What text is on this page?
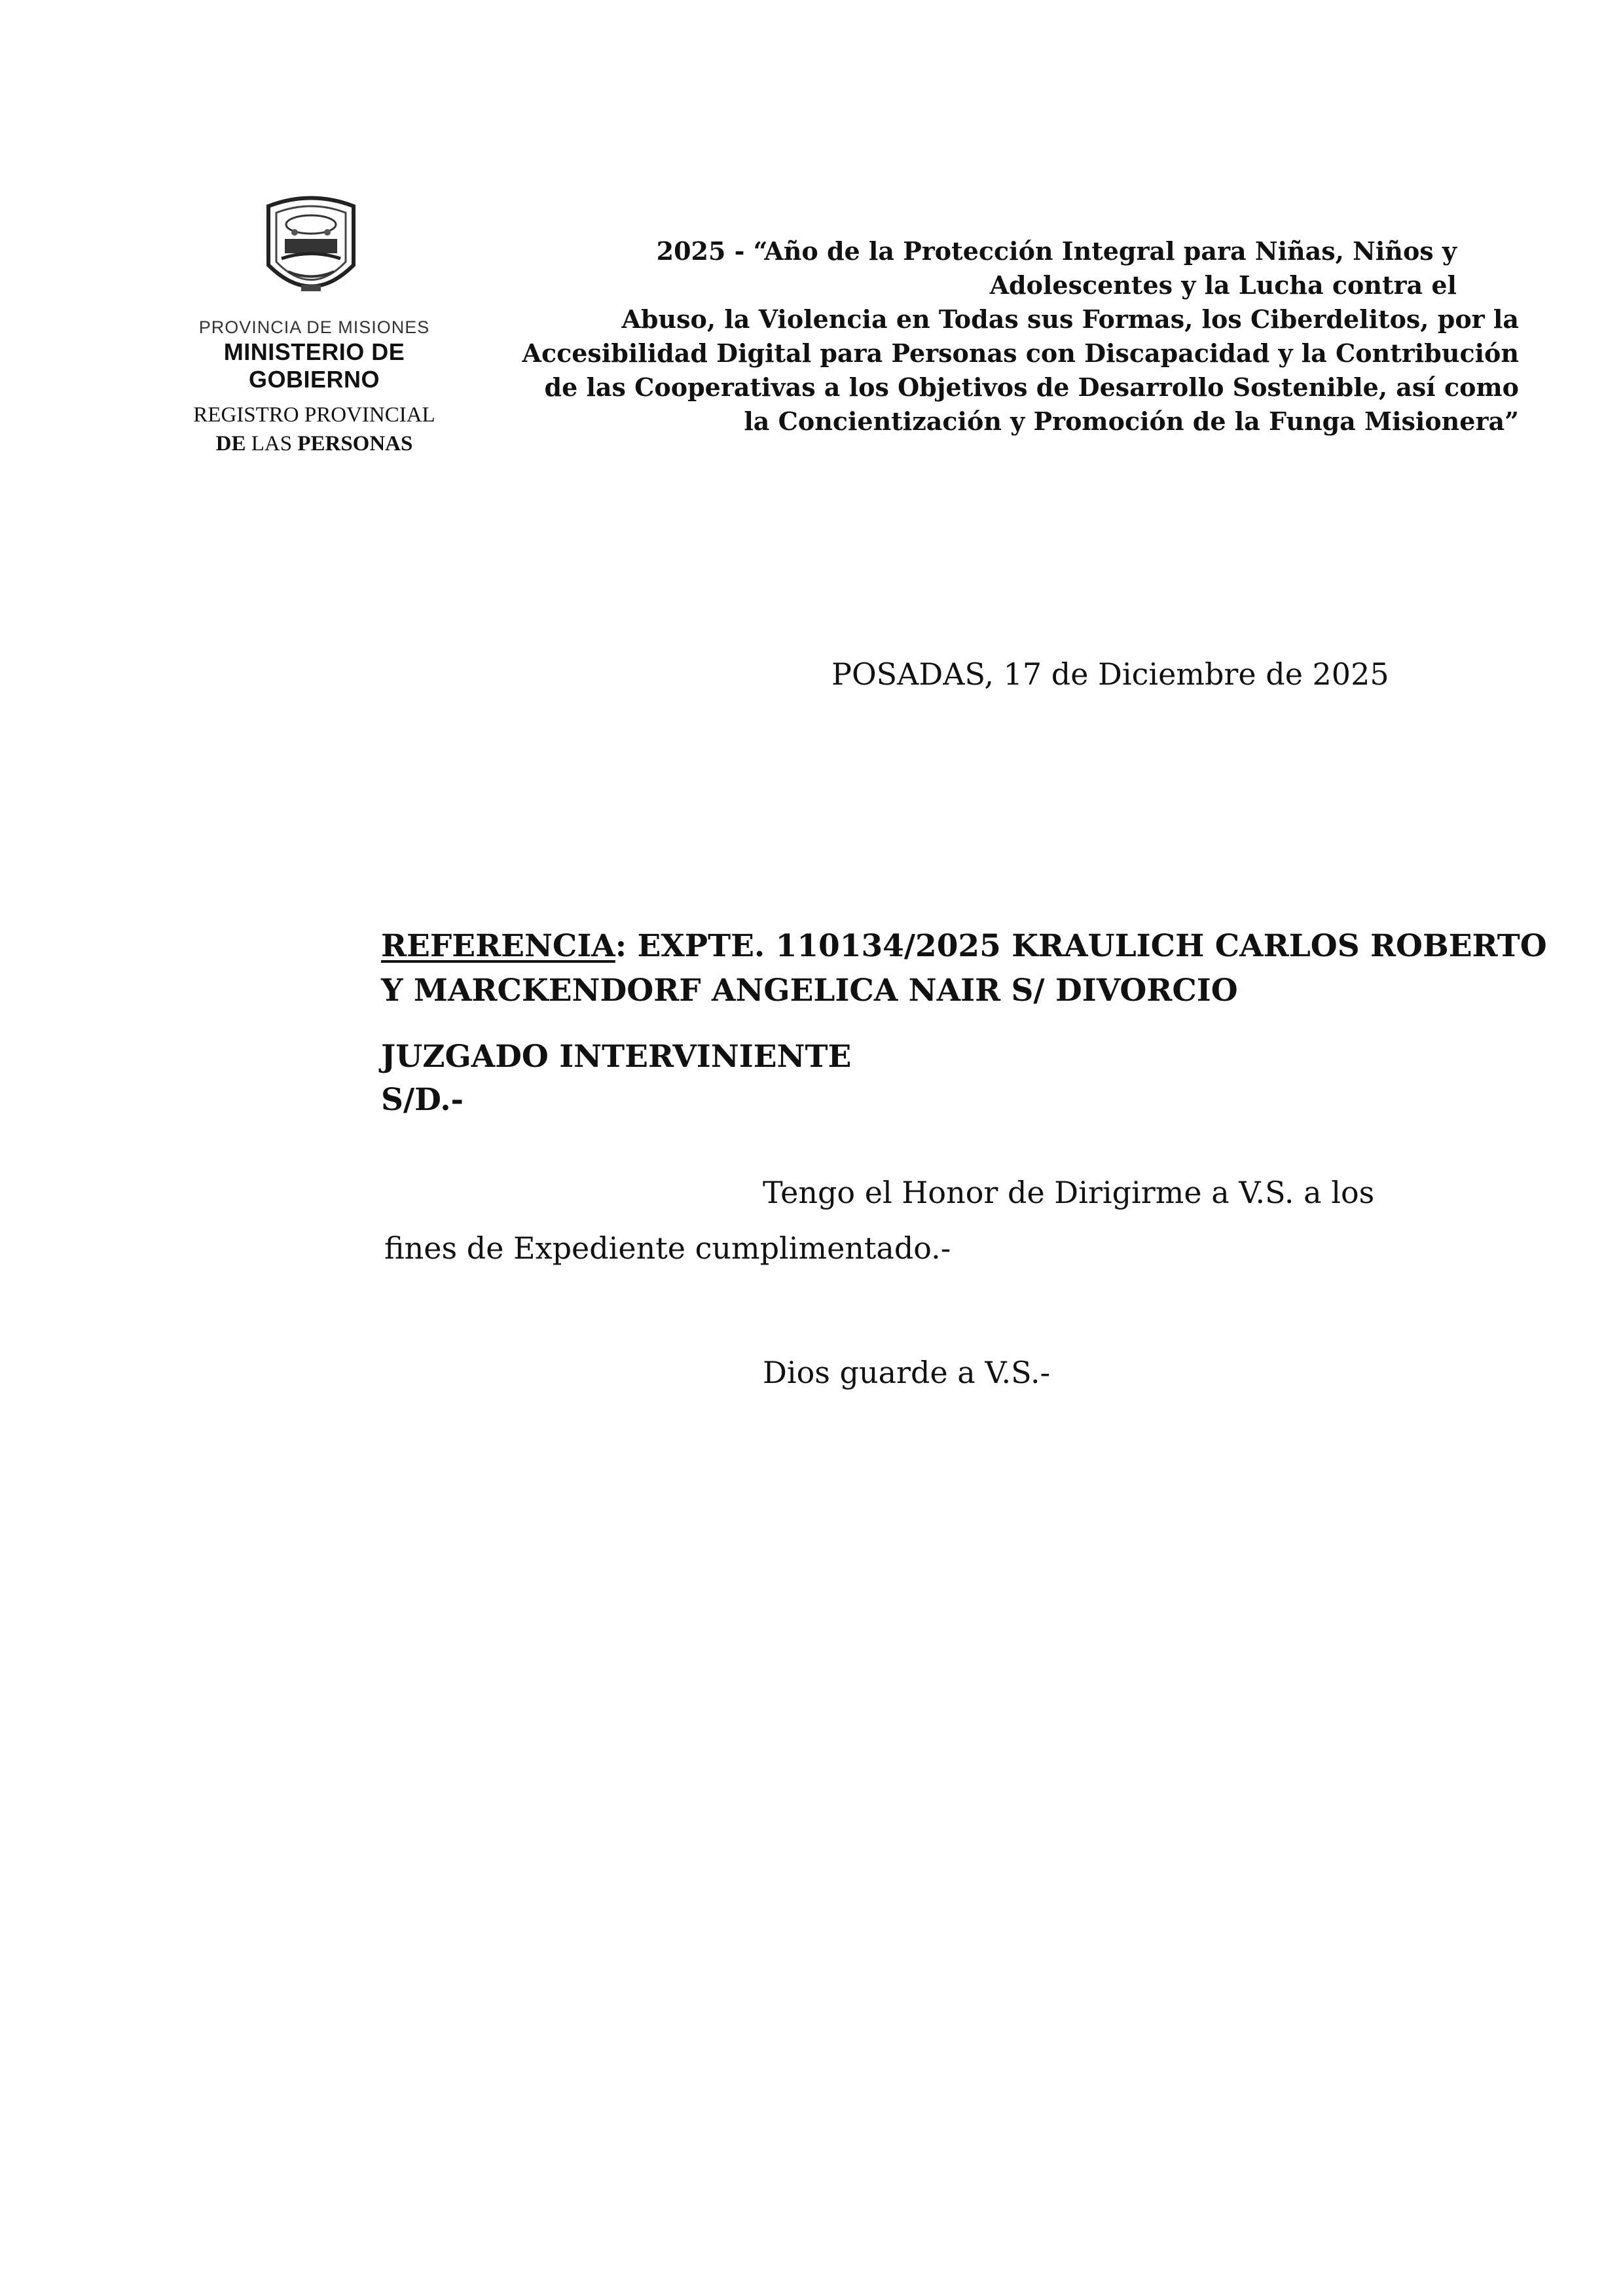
PROVINCIA DE MISIONES
MINISTERIO DE GOBIERNO
REGISTRO PROVINCIAL
DE LAS PERSONAS
2025 - “Año de la Protección Integral para Niñas, Niños y
Adolescentes y la Lucha contra el
Abuso, la Violencia en Todas sus Formas, los Ciberdelitos, por la
Accesibilidad Digital para Personas con Discapacidad y la Contribución
de las Cooperativas a los Objetivos de Desarrollo Sostenible, así como
la Concientización y Promoción de la Funga Misionera”
POSADAS, 17 de Diciembre de 2025
REFERENCIA: EXPTE. 110134/2025 KRAULICH CARLOS ROBERTO
Y MARCKENDORF ANGELICA NAIR S/ DIVORCIO
JUZGADO INTERVINIENTE
S/D.-
Tengo el Honor de Dirigirme a V.S. a los
fines de Expediente cumplimentado.-
Dios guarde a V.S.-
